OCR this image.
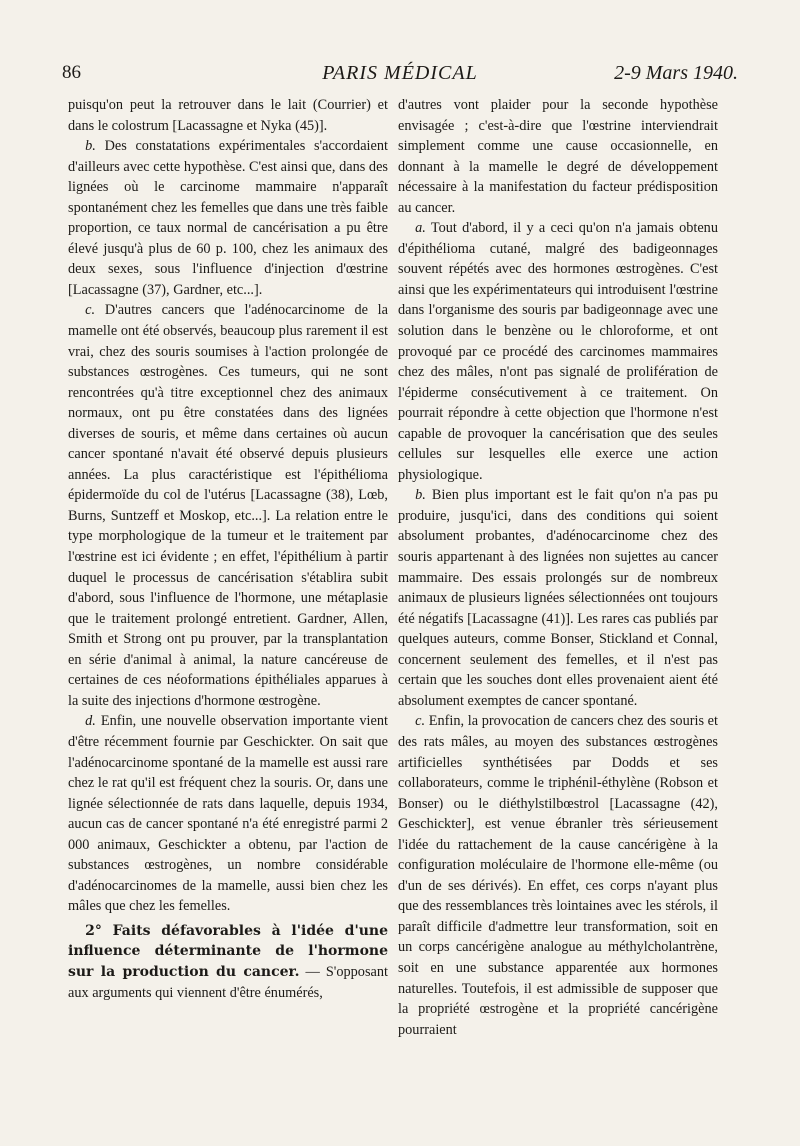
86	PARIS MÉDICAL	2-9 Mars 1940.

puisqu'on peut la retrouver dans le lait (Courrier) et dans le colostrum [Lacassagne et Nyka (45)].

b. Des constatations expérimentales s'accordaient d'ailleurs avec cette hypothèse. C'est ainsi que, dans des lignées où le carcinome mammaire n'apparaît spontanément chez les femelles que dans une très faible proportion, ce taux normal de cancérisation a pu être élevé jusqu'à plus de 60 p. 100, chez les animaux des deux sexes, sous l'influence d'injection d'œstrine [Lacassagne (37), Gardner, etc...].

c. D'autres cancers que l'adénocarcinome de la mamelle ont été observés, beaucoup plus rarement il est vrai, chez des souris soumises à l'action prolongée de substances œstrogènes. Ces tumeurs, qui ne sont rencontrées qu'à titre exceptionnel chez des animaux normaux, ont pu être constatées dans des lignées diverses de souris, et même dans certaines où aucun cancer spontané n'avait été observé depuis plusieurs années. La plus caractéristique est l'épithélioma épidermoïde du col de l'utérus [Lacassagne (38), Lœb, Burns, Suntzeff et Moskop, etc...]. La relation entre le type morphologique de la tumeur et le traitement par l'œstrine est ici évidente ; en effet, l'épithélium à partir duquel le processus de cancérisation s'établira subit d'abord, sous l'influence de l'hormone, une métaplasie que le traitement prolongé entretient. Gardner, Allen, Smith et Strong ont pu prouver, par la transplantation en série d'animal à animal, la nature cancéreuse de certaines de ces néoformations épithéliales apparues à la suite des injections d'hormone œstrogène.

d. Enfin, une nouvelle observation importante vient d'être récemment fournie par Geschickter. On sait que l'adénocarcinome spontané de la mamelle est aussi rare chez le rat qu'il est fréquent chez la souris. Or, dans une lignée sélectionnée de rats dans laquelle, depuis 1934, aucun cas de cancer spontané n'a été enregistré parmi 2 000 animaux, Geschickter a obtenu, par l'action de substances œstrogènes, un nombre considérable d'adénocarcinomes de la mamelle, aussi bien chez les mâles que chez les femelles.

2° Faits défavorables à l'idée d'une influence déterminante de l'hormone sur la production du cancer. — S'opposant aux arguments qui viennent d'être énumérés,

d'autres vont plaider pour la seconde hypothèse envisagée ; c'est-à-dire que l'œstrine interviendrait simplement comme une cause occasionnelle, en donnant à la mamelle le degré de développement nécessaire à la manifestation du facteur prédisposition au cancer.

a. Tout d'abord, il y a ceci qu'on n'a jamais obtenu d'épithélioma cutané, malgré des badigeonnages souvent répétés avec des hormones œstrogènes. C'est ainsi que les expérimentateurs qui introduisent l'œstrine dans l'organisme des souris par badigeonnage avec une solution dans le benzène ou le chloroforme, et ont provoqué par ce procédé des carcinomes mammaires chez des mâles, n'ont pas signalé de prolifération de l'épiderme consécutivement à ce traitement. On pourrait répondre à cette objection que l'hormone n'est capable de provoquer la cancérisation que des seules cellules sur lesquelles elle exerce une action physiologique.

b. Bien plus important est le fait qu'on n'a pas pu produire, jusqu'ici, dans des conditions qui soient absolument probantes, d'adénocarcinome chez des souris appartenant à des lignées non sujettes au cancer mammaire. Des essais prolongés sur de nombreux animaux de plusieurs lignées sélectionnées ont toujours été négatifs [Lacassagne (41)]. Les rares cas publiés par quelques auteurs, comme Bonser, Stickland et Connal, concernent seulement des femelles, et il n'est pas certain que les souches dont elles provenaient aient été absolument exemptes de cancer spontané.

c. Enfin, la provocation de cancers chez des souris et des rats mâles, au moyen des substances œstrogènes artificielles synthétisées par Dodds et ses collaborateurs, comme le triphénil-éthylène (Robson et Bonser) ou le diéthylstilbœstrol [Lacassagne (42), Geschickter], est venue ébranler très sérieusement l'idée du rattachement de la cause cancérigène à la configuration moléculaire de l'hormone elle-même (ou d'un de ses dérivés). En effet, ces corps n'ayant plus que des ressemblances très lointaines avec les stérols, il paraît difficile d'admettre leur transformation, soit en un corps cancérigène analogue au méthylcholantrène, soit en une substance apparentée aux hormones naturelles. Toutefois, il est admissible de supposer que la propriété œstrogène et la propriété cancérigène pourraient
